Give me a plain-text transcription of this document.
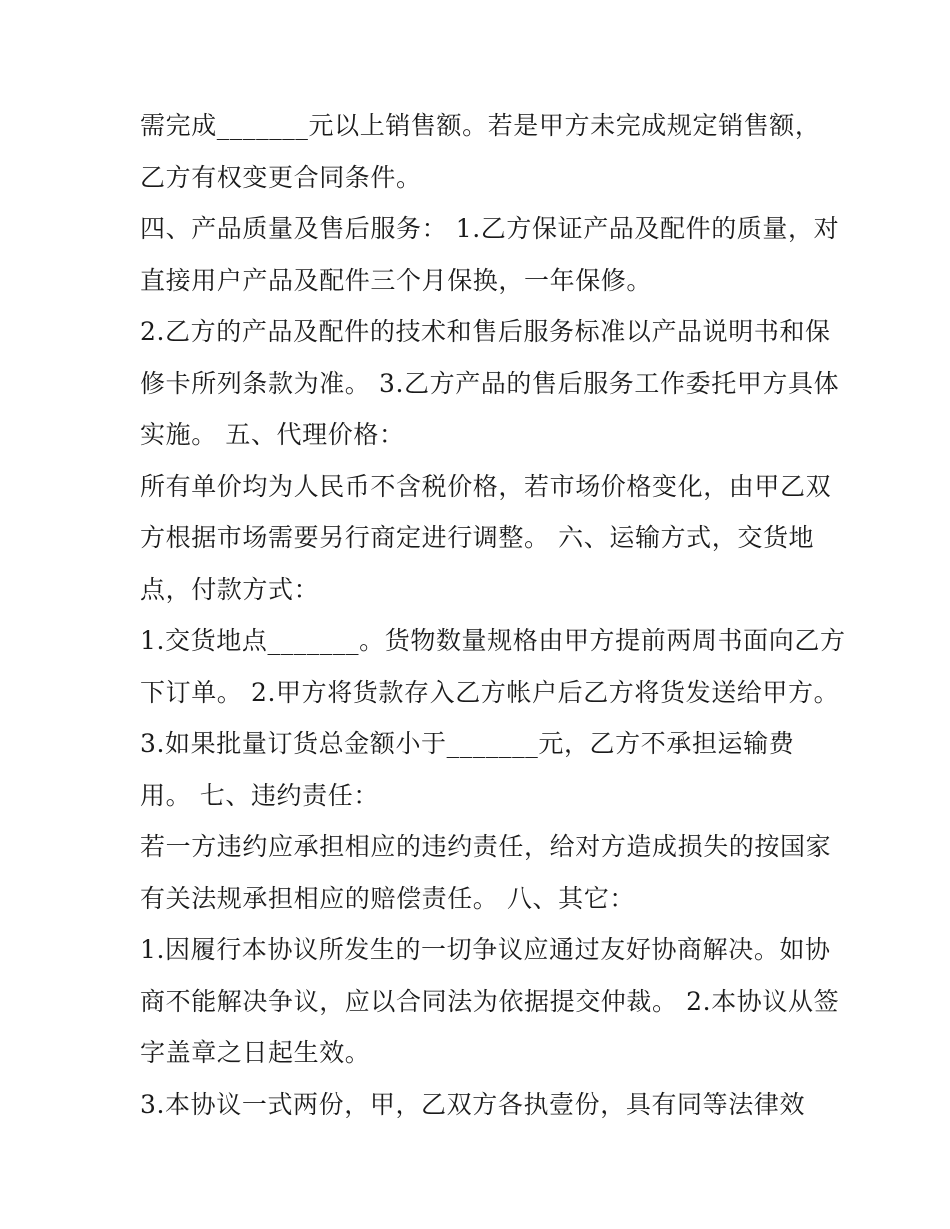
需完成_______元以上销售额。若是甲方未完成规定销售额，
乙方有权变更合同条件。
四、产品质量及售后服务： 1.乙方保证产品及配件的质量，对
直接用户产品及配件三个月保换，一年保修。
2.乙方的产品及配件的技术和售后服务标准以产品说明书和保
修卡所列条款为准。 3.乙方产品的售后服务工作委托甲方具体
实施。 五、代理价格：
所有单价均为人民币不含税价格，若市场价格变化，由甲乙双
方根据市场需要另行商定进行调整。 六、运输方式，交货地
点，付款方式：
1.交货地点_______。货物数量规格由甲方提前两周书面向乙方
下订单。 2.甲方将货款存入乙方帐户后乙方将货发送给甲方。
3.如果批量订货总金额小于_______元，乙方不承担运输费
用。 七、违约责任：
若一方违约应承担相应的违约责任，给对方造成损失的按国家
有关法规承担相应的赔偿责任。 八、其它：
1.因履行本协议所发生的一切争议应通过友好协商解决。如协
商不能解决争议，应以合同法为依据提交仲裁。 2.本协议从签
字盖章之日起生效。
3.本协议一式两份，甲，乙双方各执壹份，具有同等法律效
